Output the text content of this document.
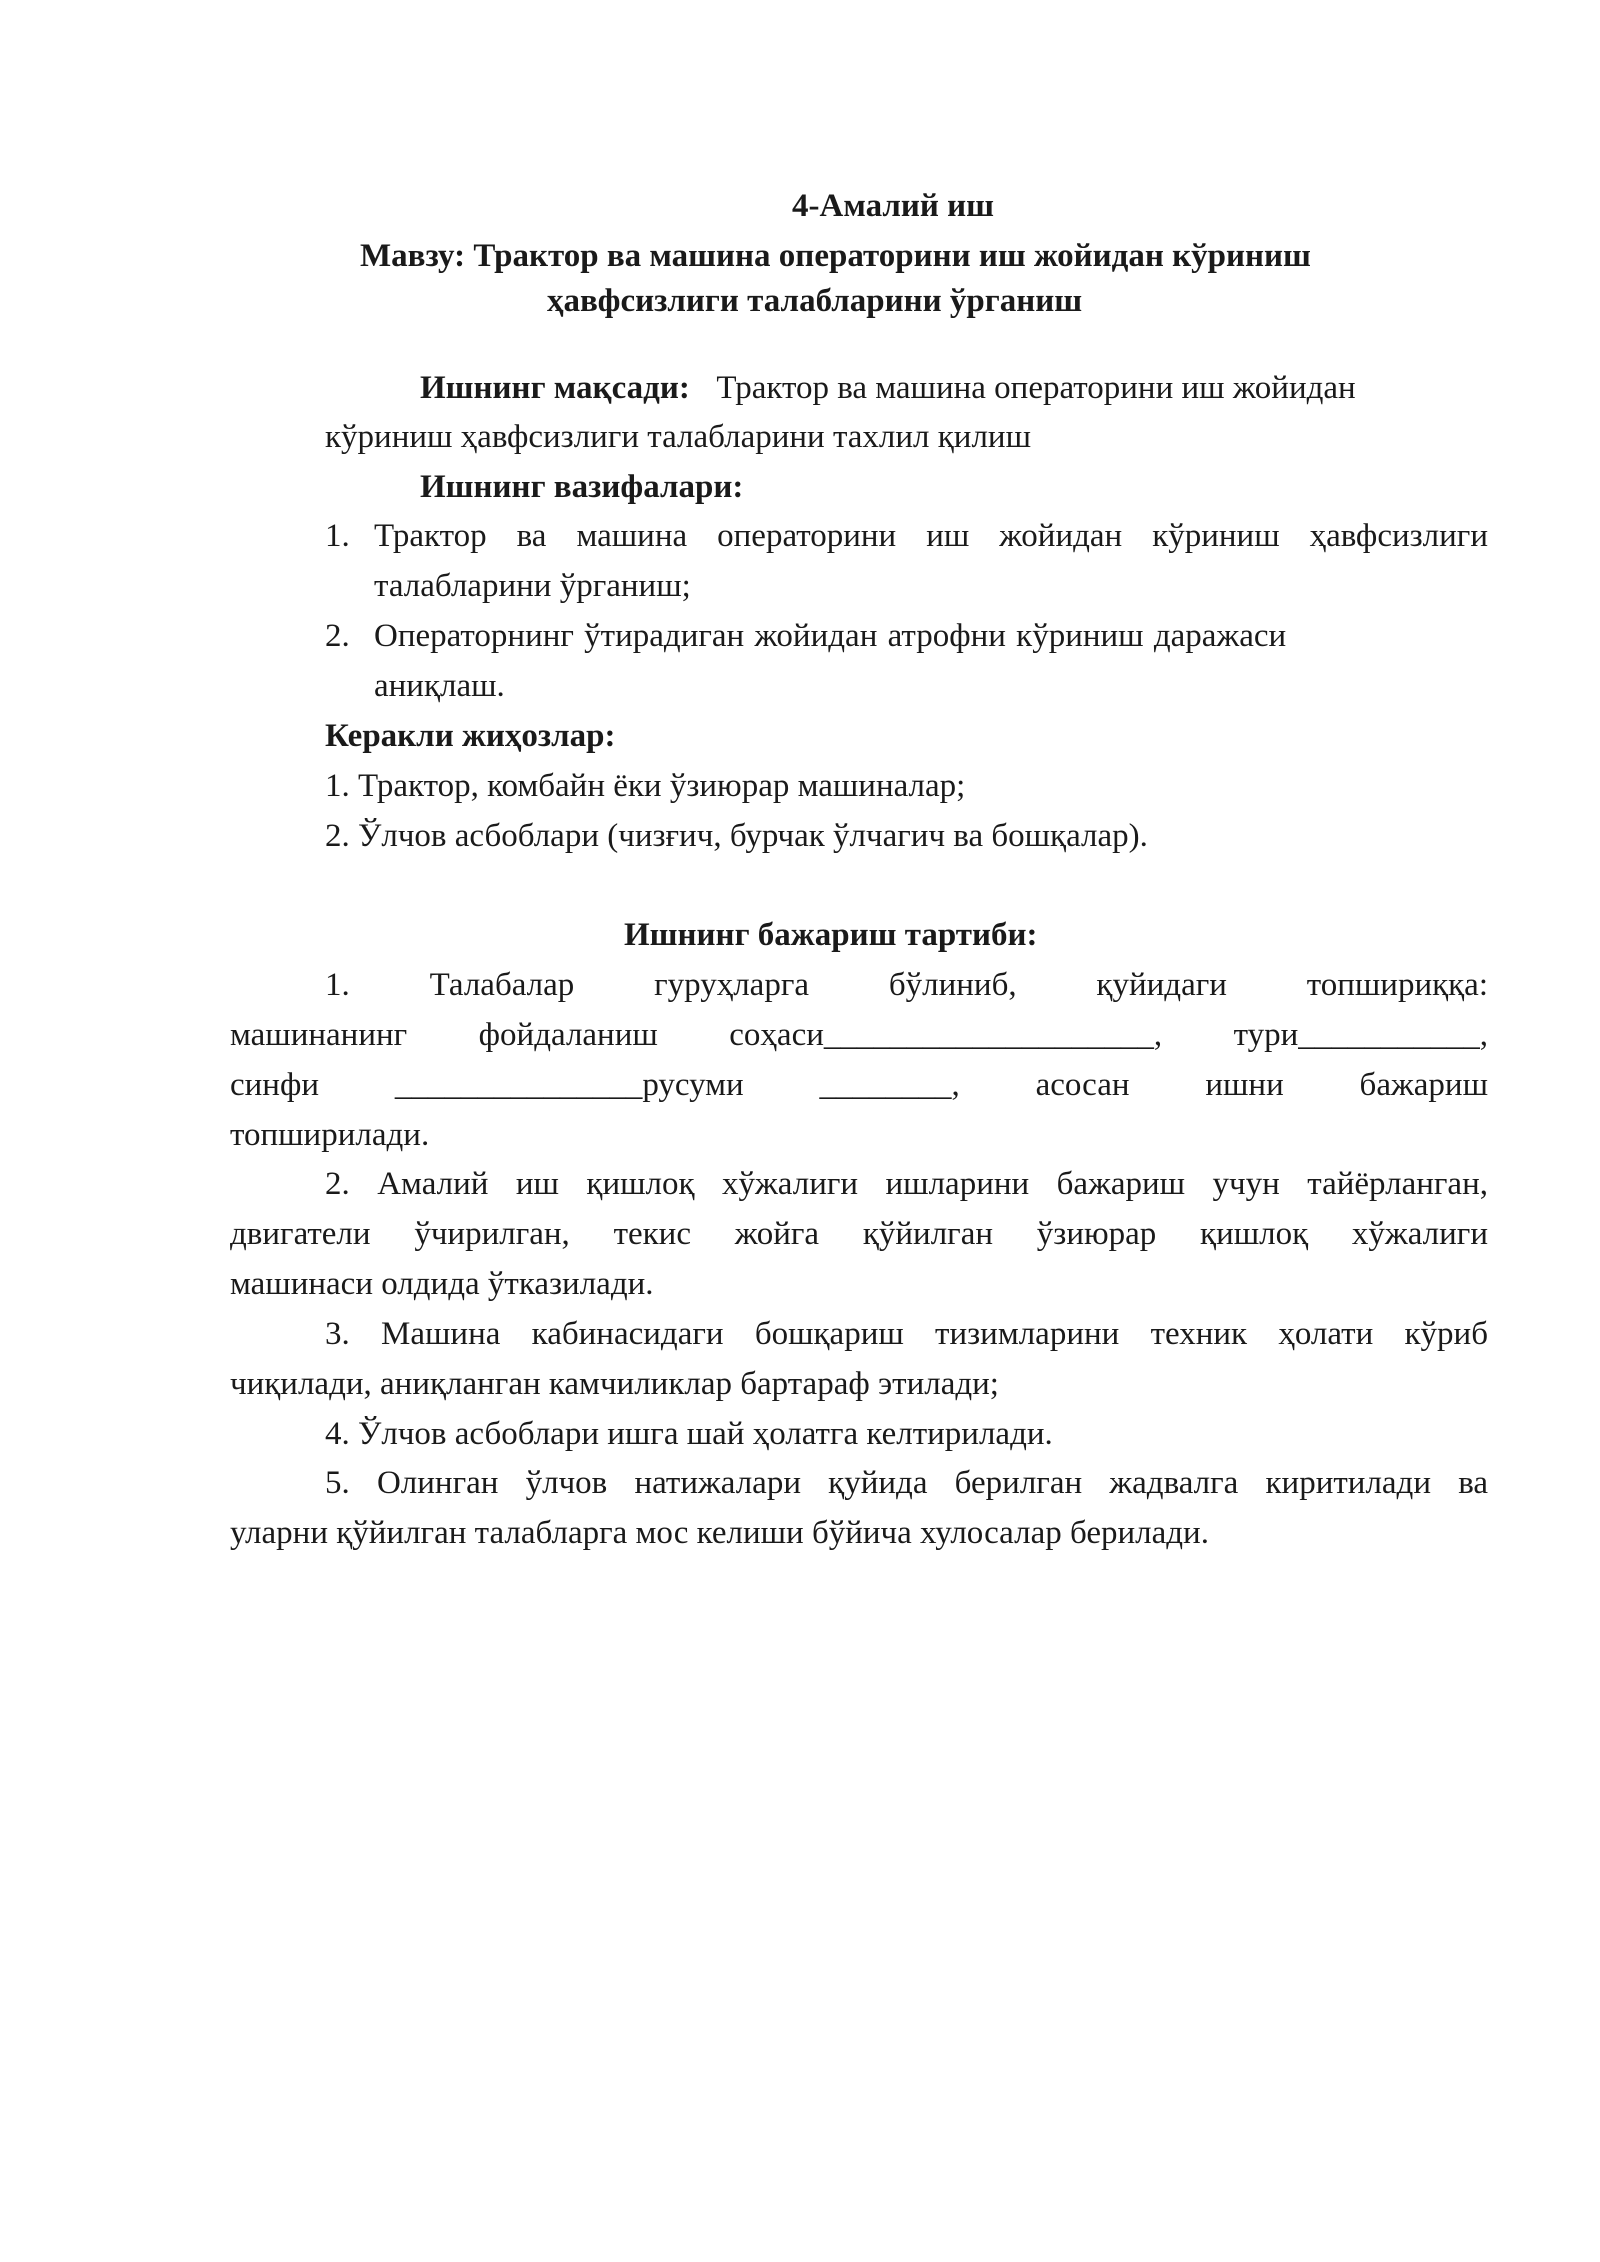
4-Амалий иш
Мавзу: Трактор ва машина операторини иш жойидан кўриниш
ҳавфсизлиги талабларини ўрганиш
Ишнинг мақсади: Трактор ва машина операторини иш жойидан
кўриниш ҳавфсизлиги талабларини тахлил қилиш
Ишнинг вазифалари:
1. Трактор ва машина операторини иш жойидан кўриниш ҳавфсизлиги
талабларини ўрганиш;
2. Операторнинг ўтирадиган жойидан атрофни кўриниш даражаси
аниқлаш.
Керакли жиҳозлар:
1. Трактор, комбайн ёки ўзиюрар машиналар;
2. Ўлчов асбоблари (чизғич, бурчак ўлчагич ва бошқалар).
Ишнинг бажариш тартиби:
1.    Талабалар    гуруҳларга    бўлиниб,    қуйидаги    топшириққа:
машинанинг фойдаланиш соҳаси____________________, тури___________,
синфи _______________русуми ________, асосан ишни бажариш
топширилади.
2. Амалий иш қишлоқ хўжалиги ишларини бажариш учун тайёрланган,
двигатели ўчирилган, текис жойга қўйилган ўзиюрар қишлоқ хўжалиги
машинаси олдида ўтказилади.
3. Машина кабинасидаги бошқариш тизимларини техник ҳолати кўриб
чиқилади, аниқланган камчиликлар бартараф этилади;
4. Ўлчов асбоблари ишга шай ҳолатга келтирилади.
5. Олинган ўлчов натижалари қуйида берилган жадвалга киритилади ва
уларни қўйилган талабларга мос келиши бўйича хулосалар берилади.
